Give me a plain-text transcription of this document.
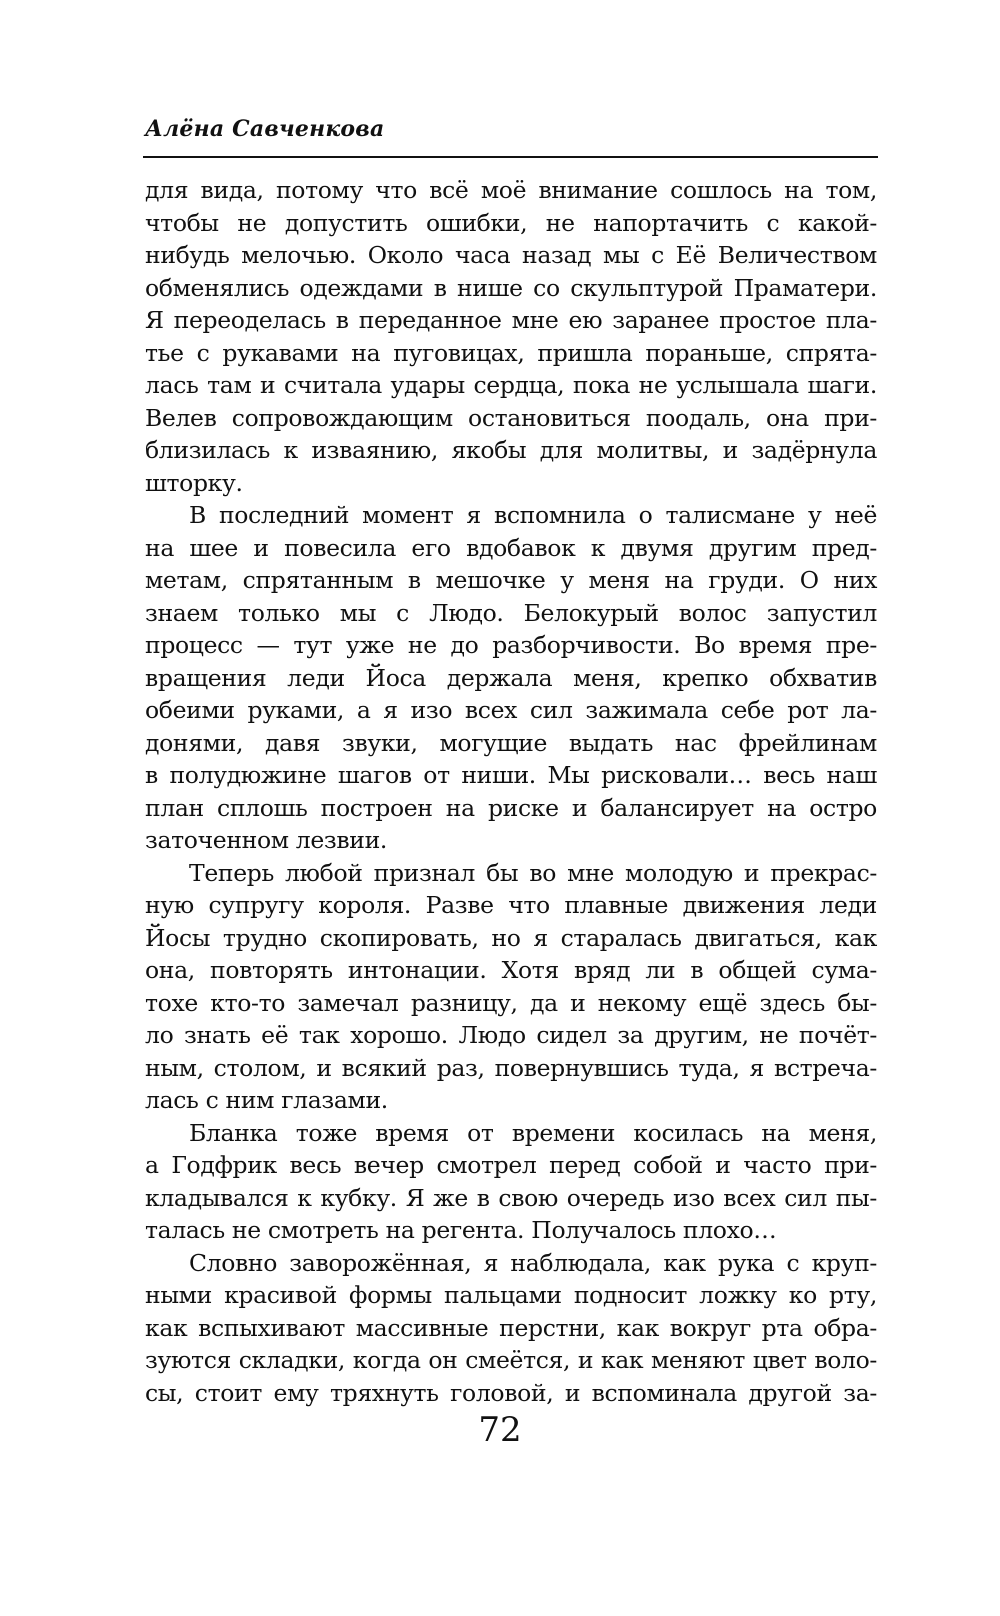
Алёна Савченкова
для вида, потому что всё моё внимание сошлось на том,
чтобы не допустить ошибки, не напортачить с какой-
нибудь мелочью. Около часа назад мы с Её Величеством
обменялись одеждами в нише со скульптурой Праматери.
Я переоделась в переданное мне ею заранее простое пла-
тье с рукавами на пуговицах, пришла пораньше, спрята-
лась там и считала удары сердца, пока не услышала шаги.
Велев сопровождающим остановиться поодаль, она при-
близилась к изваянию, якобы для молитвы, и задёрнула
шторку.
В последний момент я вспомнила о талисмане у неё
на шее и повесила его вдобавок к двумя другим пред-
метам, спрятанным в мешочке у меня на груди. О них
знаем только мы с Людо. Белокурый волос запустил
процесс — тут уже не до разборчивости. Во время пре-
вращения леди Йоса держала меня, крепко обхватив
обеими руками, а я изо всех сил зажимала себе рот ла-
донями, давя звуки, могущие выдать нас фрейлинам
в полудюжине шагов от ниши. Мы рисковали… весь наш
план сплошь построен на риске и балансирует на остро
заточенном лезвии.
Теперь любой признал бы во мне молодую и прекрас-
ную супругу короля. Разве что плавные движения леди
Йосы трудно скопировать, но я старалась двигаться, как
она, повторять интонации. Хотя вряд ли в общей сума-
тохе кто-то замечал разницу, да и некому ещё здесь бы-
ло знать её так хорошо. Людо сидел за другим, не почёт-
ным, столом, и всякий раз, повернувшись туда, я встреча-
лась с ним глазами.
Бланка тоже время от времени косилась на меня,
а Годфрик весь вечер смотрел перед собой и часто при-
кладывался к кубку. Я же в свою очередь изо всех сил пы-
талась не смотреть на регента. Получалось плохо…
Словно заворожённая, я наблюдала, как рука с круп-
ными красивой формы пальцами подносит ложку ко рту,
как вспыхивают массивные перстни, как вокруг рта обра-
зуются складки, когда он смеётся, и как меняют цвет воло-
сы, стоит ему тряхнуть головой, и вспоминала другой за-
72
